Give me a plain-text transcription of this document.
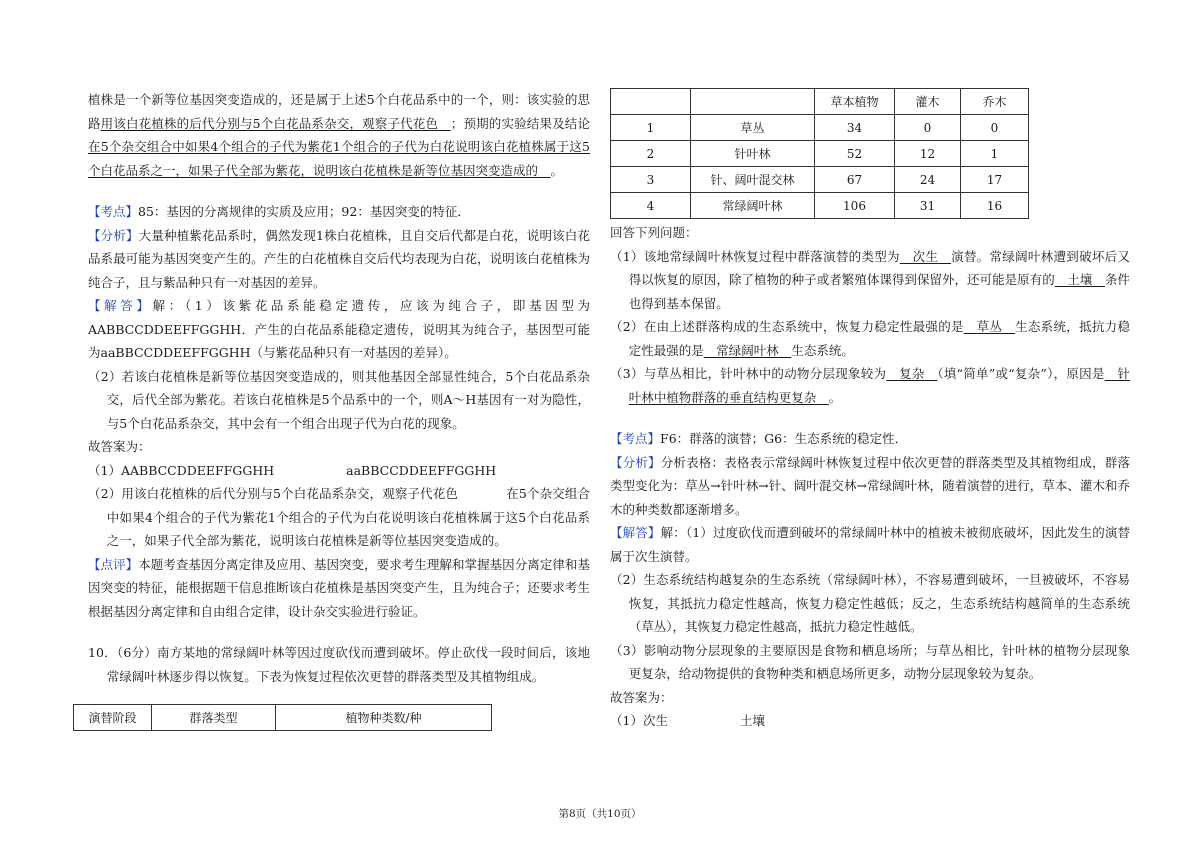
植株是一个新等位基因突变造成的，还是属于上述5个白花品系中的一个，则：该实验的思路用该白花植株的后代分别与5个白花品系杂交，观察子代花色　 ；预期的实验结果及结论在5个杂交组合中如果4个组合的子代为紫花1个组合的子代为白花说明该白花植株属于这5个白花品系之一，如果子代全部为紫花，说明该白花植株是新等位基因突变造成的　 。

【考点】85：基因的分离规律的实质及应用；92：基因突变的特征．

【分析】大量种植紫花品系时，偶然发现1株白花植株，且自交后代都是白花，说明该白花品系最可能为基因突变产生的。产生的白花植株自交后代均表现为白花，说明该白花植株为纯合子，且与紫品种只有一对基因的差异。

【解答】解：（1）该紫花品系能稳定遗传，应该为纯合子，即基因型为AABBCCDDEEFFGGHH．产生的白花品系能稳定遗传，说明其为纯合子，基因型可能为aaBBCCDDEEFFGGHH（与紫花品种只有一对基因的差异）。

（2）若该白花植株是新等位基因突变造成的，则其他基因全部显性纯合，5个白花品系杂交，后代全部为紫花。若该白花植株是5个品系中的一个，则A～H基因有一对为隐性，与5个白花品系杂交，其中会有一个组合出现子代为白花的现象。

故答案为：

（1）AABBCCDDEEFFGGHH	aaBBCCDDEEFFGGHH

（2）用该白花植株的后代分别与5个白花品系杂交，观察子代花色	在5个杂交组合中如果4个组合的子代为紫花1个组合的子代为白花说明该白花植株属于这5个白花品系之一，如果子代全部为紫花，说明该白花植株是新等位基因突变造成的。

【点评】本题考查基因分离定律及应用、基因突变，要求考生理解和掌握基因分离定律和基因突变的特征，能根据题干信息推断该白花植株是基因突变产生，且为纯合子；还要求考生根据基因分离定律和自由组合定律，设计杂交实验进行验证。

10．（6分）南方某地的常绿阔叶林等因过度砍伐而遭到破坏。停止砍伐一段时间后，该地常绿阔叶林逐步得以恢复。下表为恢复过程依次更替的群落类型及其植物组成。

演替阶段	群落类型	植物种类数/种
		草本植物	灌木	乔木
1	草丛	34	0	0
2	针叶林	52	12	1
3	针、阔叶混交林	67	24	17
4	常绿阔叶林	106	31	16

回答下列问题：

（1）该地常绿阔叶林恢复过程中群落演替的类型为　 次生　 演替。常绿阔叶林遭到破坏后又得以恢复的原因，除了植物的种子或者繁殖体课得到保留外，还可能是原有的　 土壤　 条件也得到基本保留。

（2）在由上述群落构成的生态系统中，恢复力稳定性最强的是　 草丛　 生态系统，抵抗力稳定性最强的是　 常绿阔叶林　 生态系统。

（3）与草丛相比，针叶林中的动物分层现象较为　 复杂　 （填“简单”或“复杂”），原因是　 针叶林中植物群落的垂直结构更复杂　 。

【考点】F6：群落的演替；G6：生态系统的稳定性．

【分析】分析表格：表格表示常绿阔叶林恢复过程中依次更替的群落类型及其植物组成，群落类型变化为：草丛→针叶林→针、阔叶混交林→常绿阔叶林，随着演替的进行，草本、灌木和乔木的种类数都逐渐增多。

【解答】解：（1）过度砍伐而遭到破坏的常绿阔叶林中的植被未被彻底破坏，因此发生的演替属于次生演替。

（2）生态系统结构越复杂的生态系统（常绿阔叶林），不容易遭到破坏，一旦被破坏，不容易恢复，其抵抗力稳定性越高，恢复力稳定性越低；反之，生态系统结构越简单的生态系统（草丛），其恢复力稳定性越高，抵抗力稳定性越低。

（3）影响动物分层现象的主要原因是食物和栖息场所；与草丛相比，针叶林的植物分层现象更复杂，给动物提供的食物种类和栖息场所更多，动物分层现象较为复杂。

故答案为：

（1）次生	土壤

第8页（共10页）
